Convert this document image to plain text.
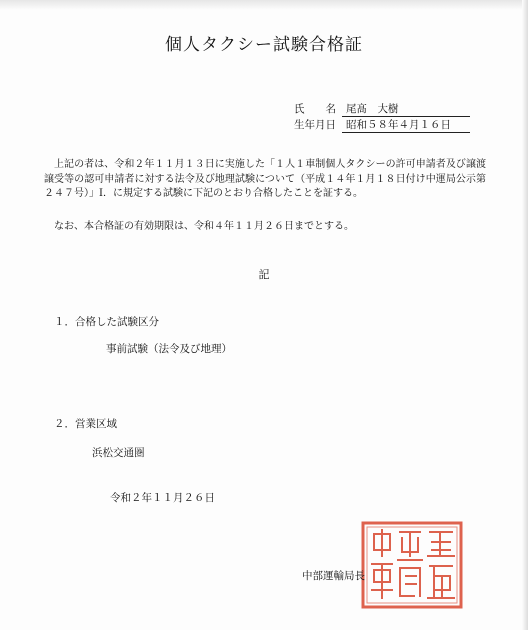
個人タクシー試験合格証
氏　　名 尾髙　大樹
生年月日 昭和５８年４月１６日

上記の者は、令和２年１１月１３日に実施した「１人１車制個人タクシーの許可申請者及び譲渡譲受等の認可申請者に対する法令及び地理試験について（平成１４年１月１８日付け中運局公示第２４７号）」Ⅰ．に規定する試験に下記のとおり合格したことを証する。

なお、本合格証の有効期限は、令和４年１１月２６日までとする。

記
１．合格した試験区分
事前試験（法令及び地理）
２．営業区域
浜松交通圏
令和２年１１月２６日
中部運輸局長
